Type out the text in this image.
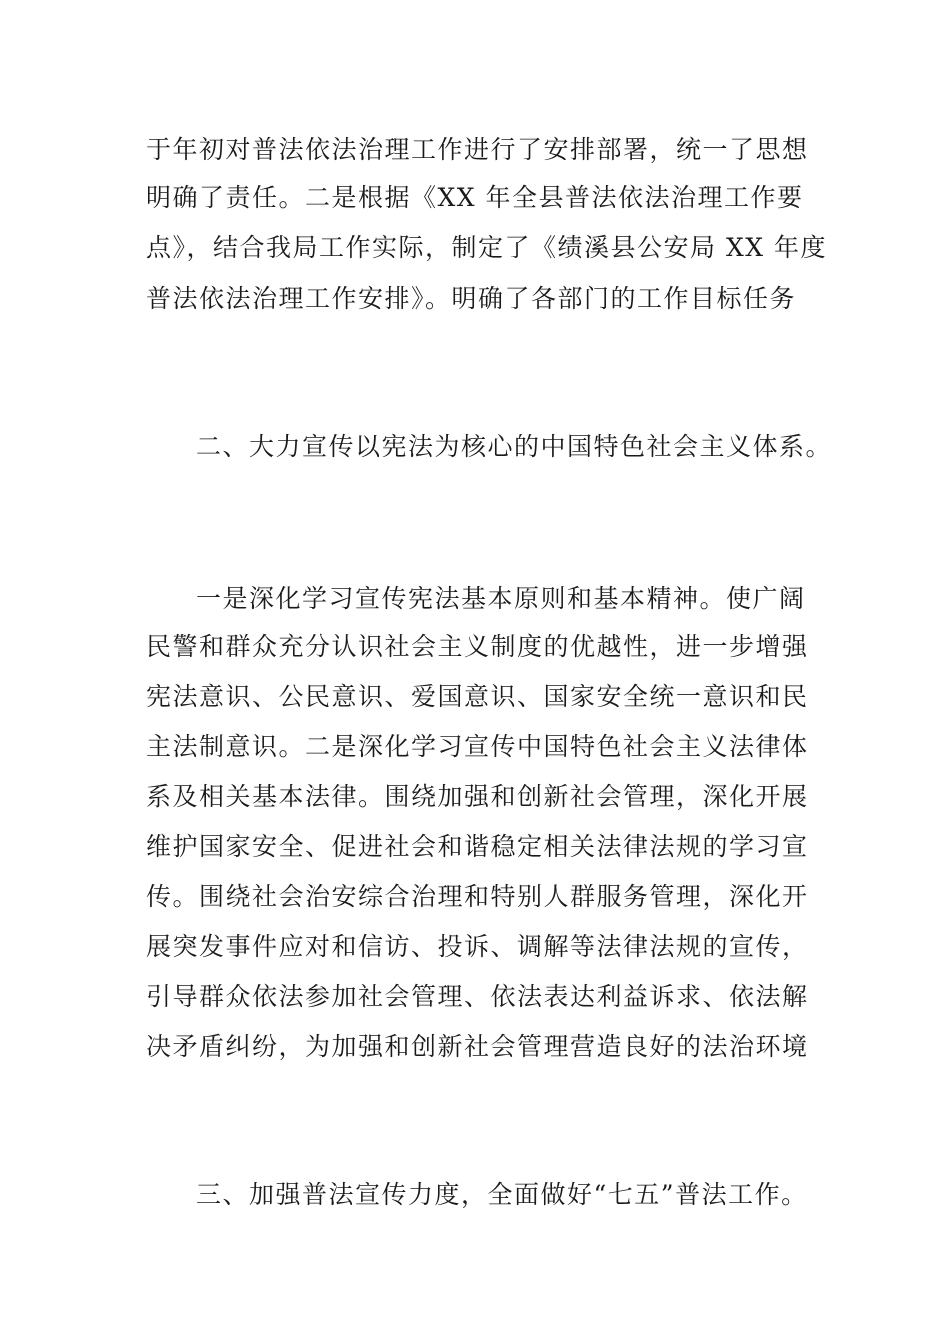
于年初对普法依法治理工作进行了安排部署，统一了思想
明确了责任。二是根据《XX 年全县普法依法治理工作要
点》，结合我局工作实际，制定了《绩溪县公安局 XX 年度
普法依法治理工作安排》。明确了各部门的工作目标任务
二、大力宣传以宪法为核心的中国特色社会主义体系。
一是深化学习宣传宪法基本原则和基本精神。使广阔
民警和群众充分认识社会主义制度的优越性，进一步增强
宪法意识、公民意识、爱国意识、国家安全统一意识和民
主法制意识。二是深化学习宣传中国特色社会主义法律体
系及相关基本法律。围绕加强和创新社会管理，深化开展
维护国家安全、促进社会和谐稳定相关法律法规的学习宣
传。围绕社会治安综合治理和特别人群服务管理，深化开
展突发事件应对和信访、投诉、调解等法律法规的宣传，
引导群众依法参加社会管理、依法表达利益诉求、依法解
决矛盾纠纷，为加强和创新社会管理营造良好的法治环境
三、加强普法宣传力度，全面做好“七五”普法工作。
